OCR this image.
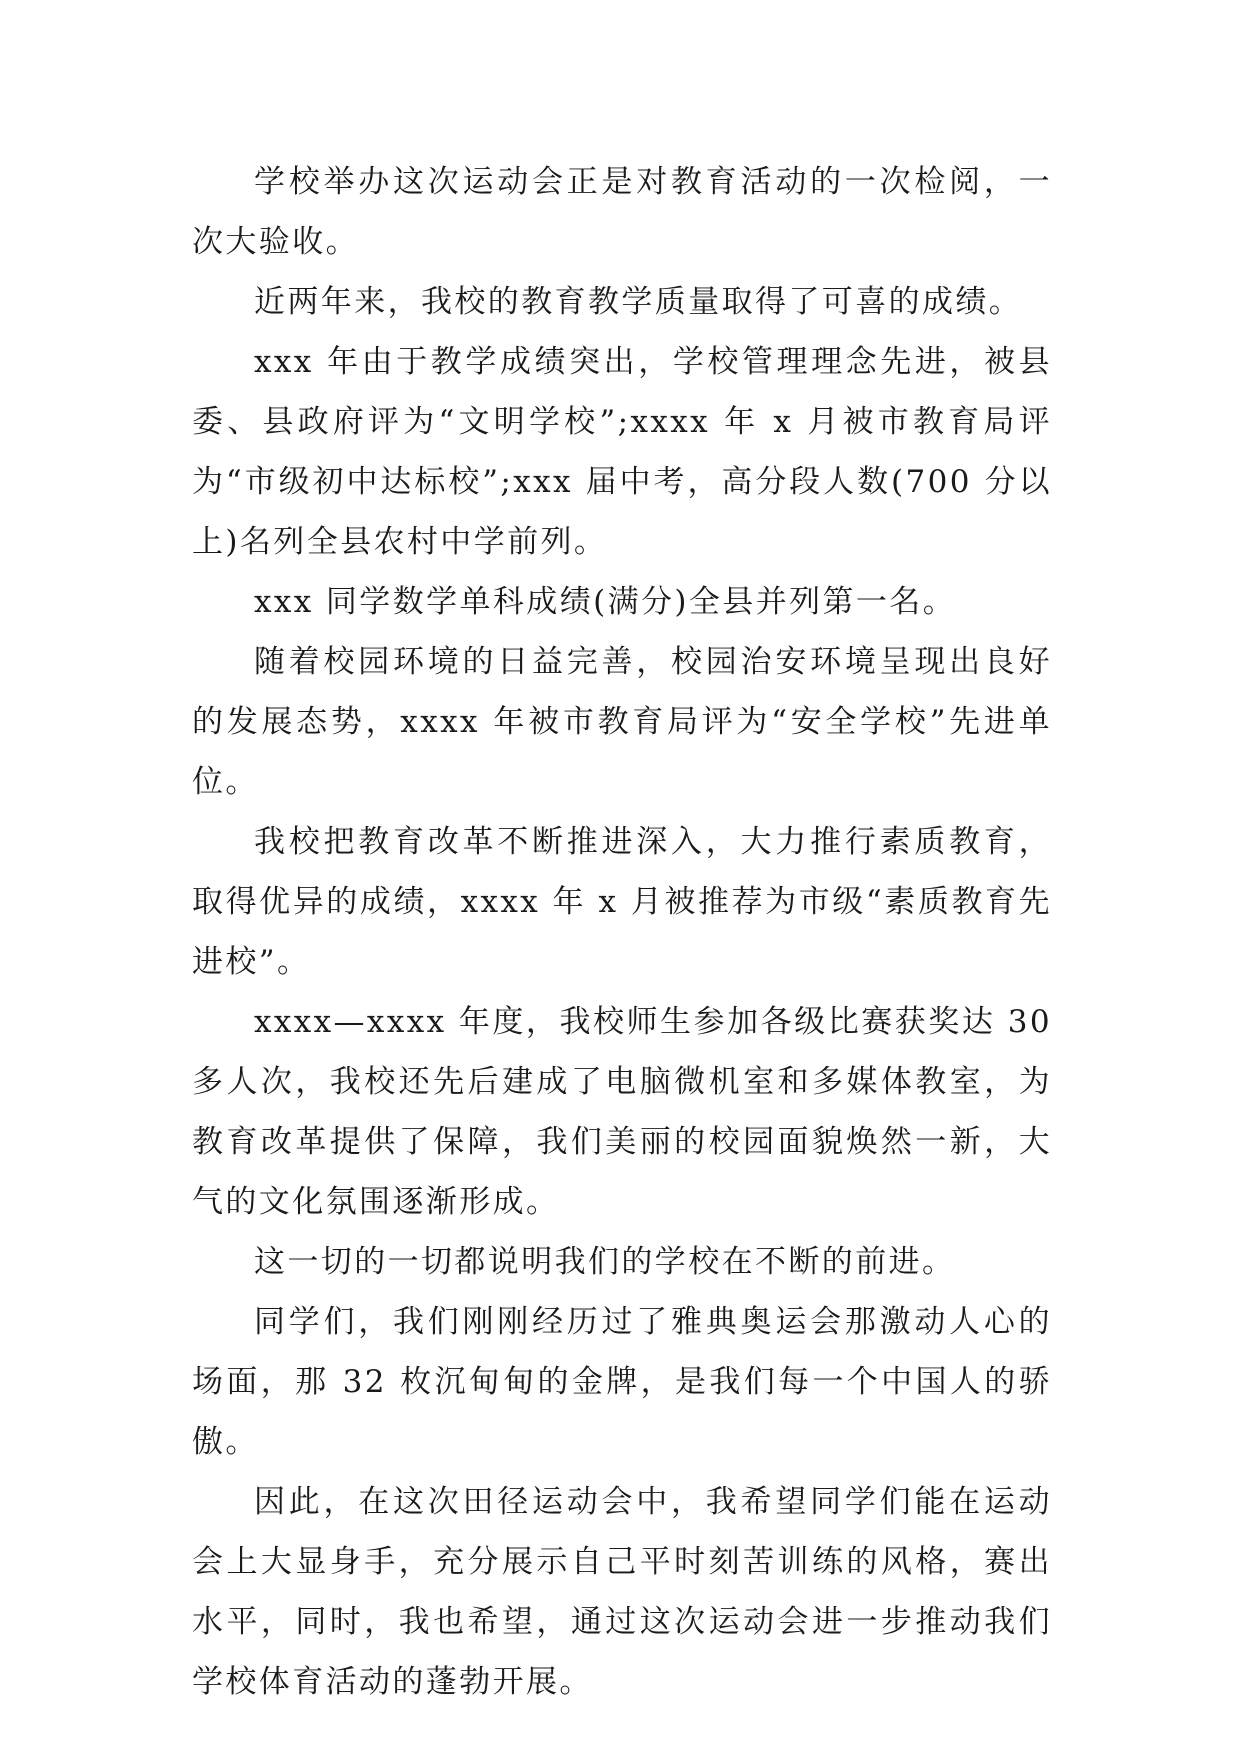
学校举办这次运动会正是对教育活动的一次检阅，一次大验收。

近两年来，我校的教育教学质量取得了可喜的成绩。

xxx 年由于教学成绩突出，学校管理理念先进，被县委、县政府评为“文明学校”;xxxx 年 x 月被市教育局评为“市级初中达标校”;xxx 届中考，高分段人数(700 分以上)名列全县农村中学前列。

xxx 同学数学单科成绩(满分)全县并列第一名。

随着校园环境的日益完善，校园治安环境呈现出良好的发展态势，xxxx 年被市教育局评为“安全学校”先进单位。

我校把教育改革不断推进深入，大力推行素质教育，取得优异的成绩，xxxx 年 x 月被推荐为市级“素质教育先进校”。

xxxx—xxxx 年度，我校师生参加各级比赛获奖达 30 多人次，我校还先后建成了电脑微机室和多媒体教室，为教育改革提供了保障，我们美丽的校园面貌焕然一新，大气的文化氛围逐渐形成。

这一切的一切都说明我们的学校在不断的前进。

同学们，我们刚刚经历过了雅典奥运会那激动人心的场面，那 32 枚沉甸甸的金牌，是我们每一个中国人的骄傲。

因此，在这次田径运动会中，我希望同学们能在运动会上大显身手，充分展示自己平时刻苦训练的风格，赛出水平，同时，我也希望，通过这次运动会进一步推动我们学校体育活动的蓬勃开展。
